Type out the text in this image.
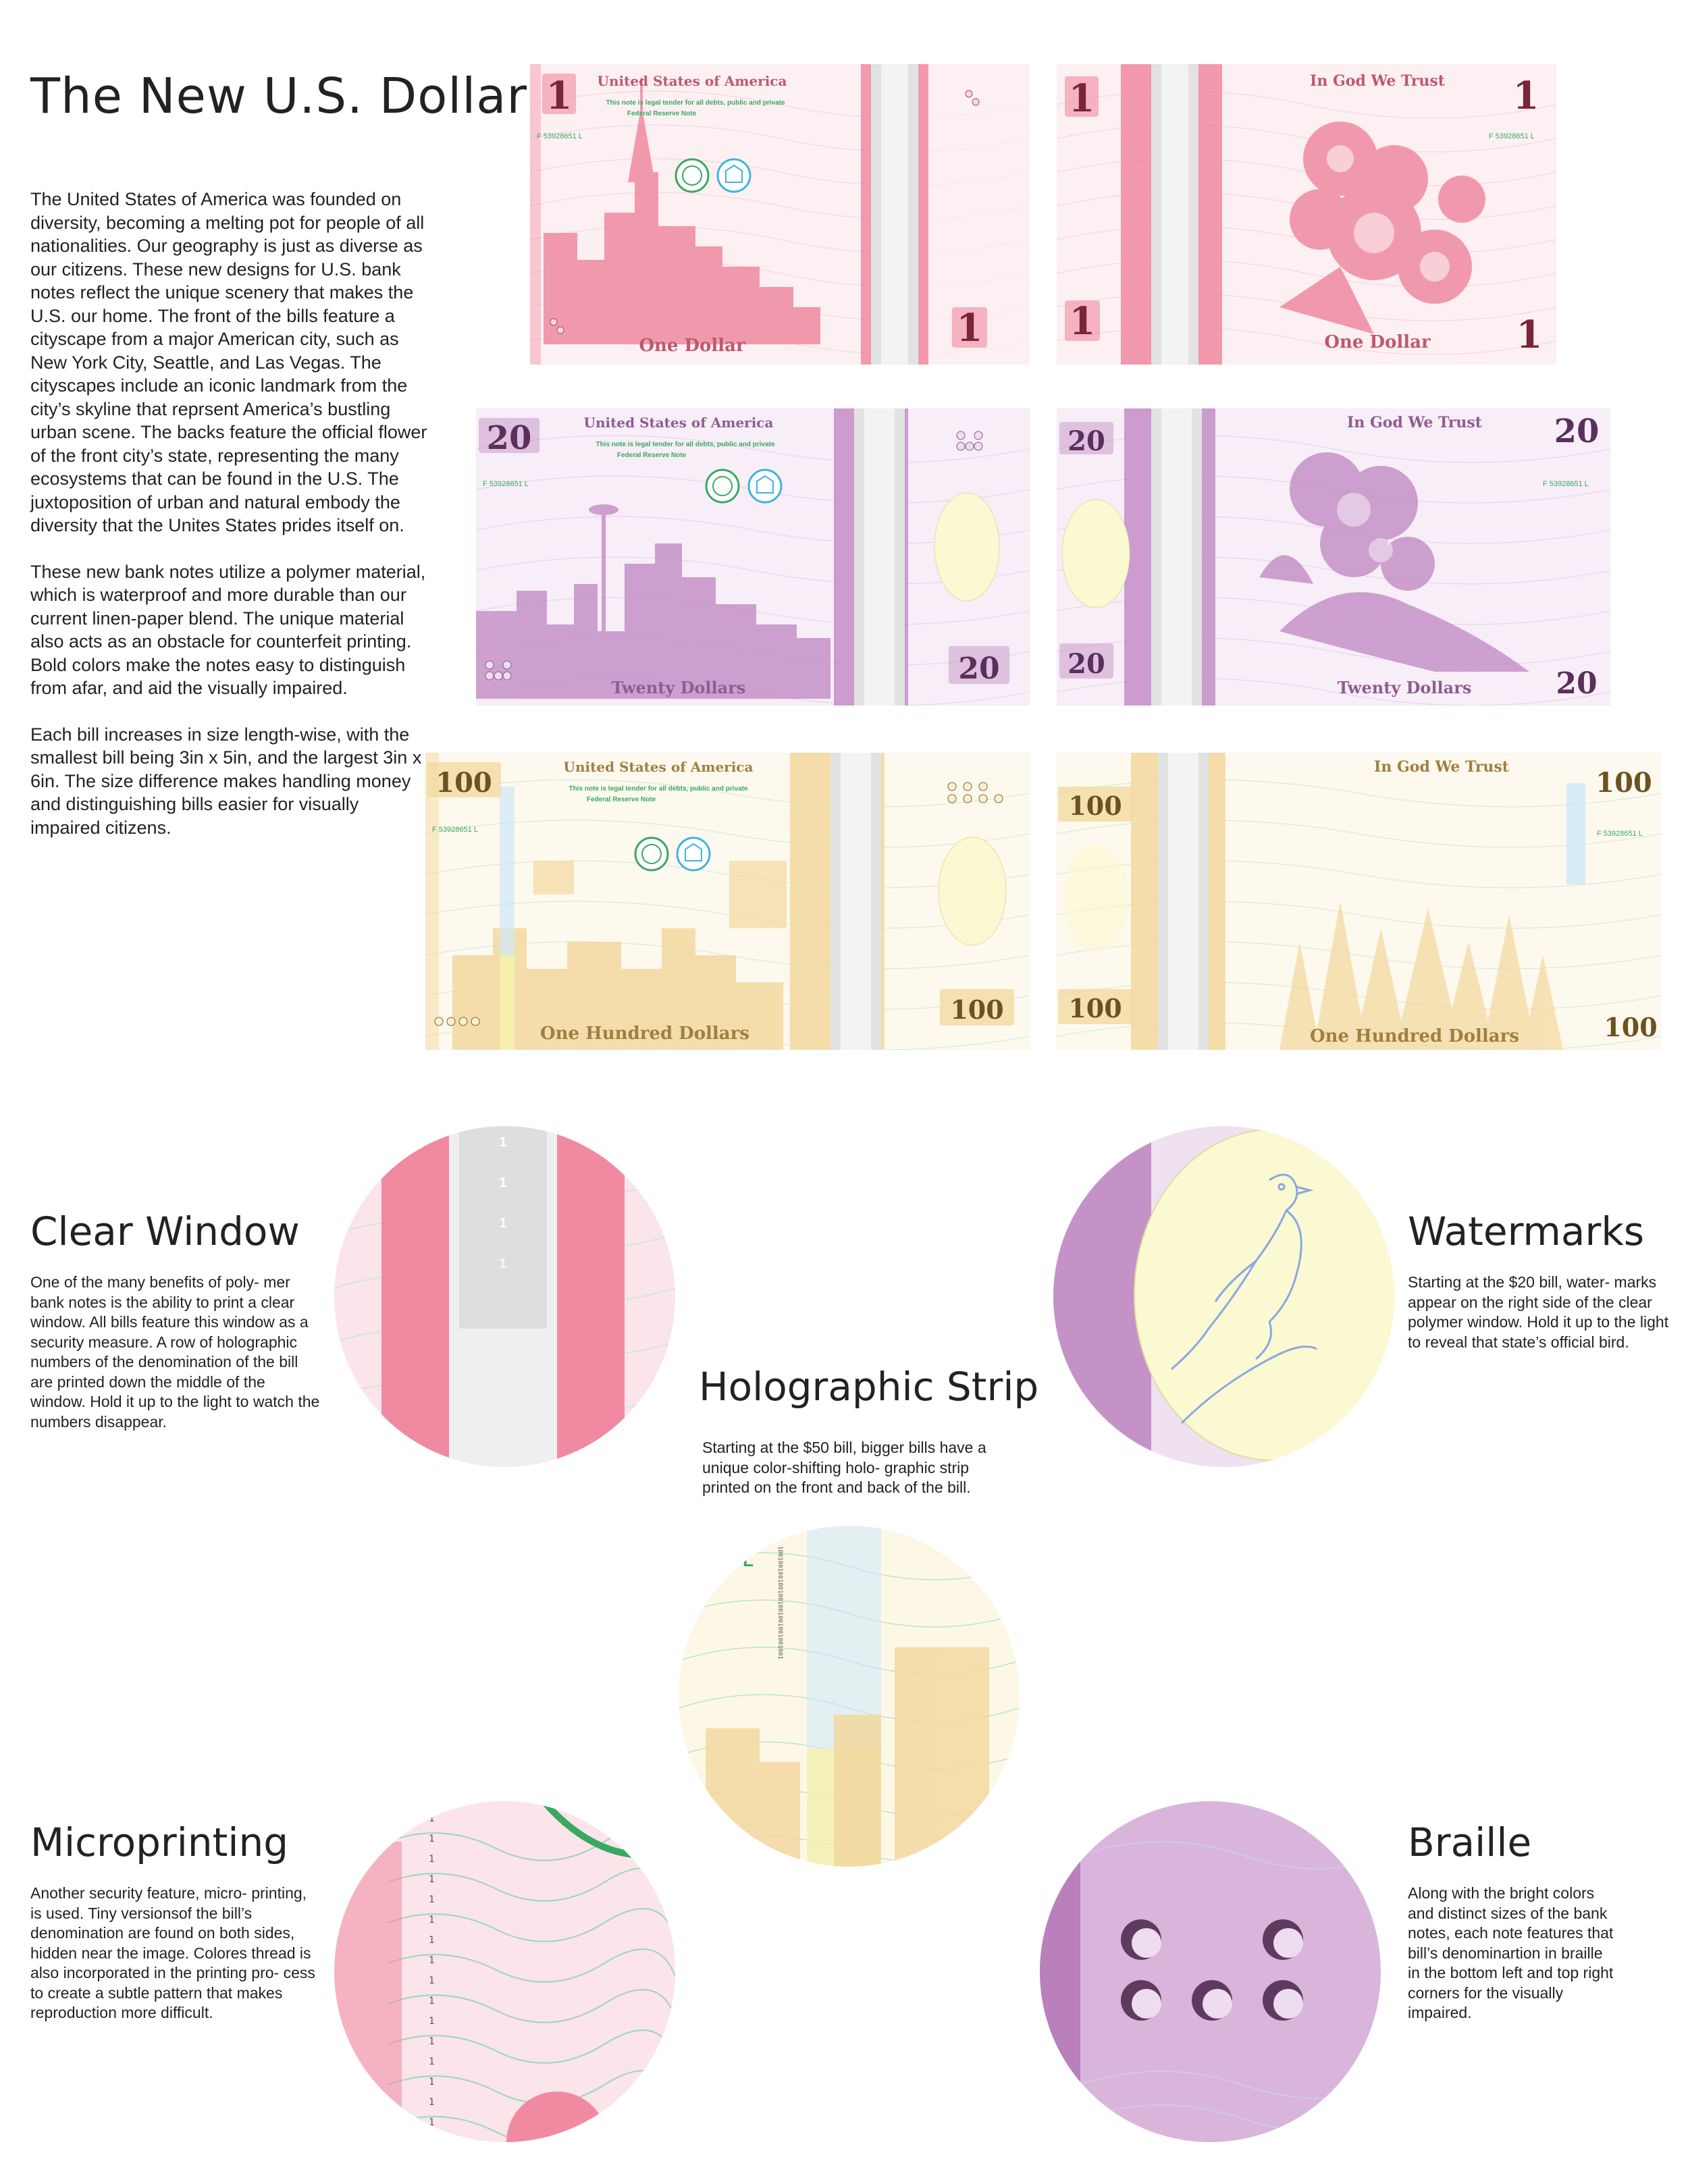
The New U.S. Dollar

The United States of America was founded on diversity, becoming a melting pot for people of all nationalities. Our geography is just as diverse as our citizens. These new designs for U.S. bank notes reflect the unique scenery that makes the U.S. our home. The front of the bills feature a cityscape from a major American city, such as New York City, Seattle, and Las Vegas. The cityscapes include an iconic landmark from the city’s skyline that reprsent America’s bustling urban scene. The backs feature the official flower of the front city’s state, representing the many ecosystems that can be found in the U.S. The juxtoposition of urban and natural embody the diversity that the Unites States prides itself on.

These new bank notes utilize a polymer material, which is waterproof and more durable than our current linen-paper blend. The unique material also acts as an obstacle for counterfeit printing. Bold colors make the notes easy to distinguish from afar, and aid the visually impaired.

Each bill increases in size length-wise, with the smallest bill being 3in x 5in, and the largest 3in x 6in. The size difference makes handling money and distinguishing bills easier for visually impaired citizens.

1 United States of America
This note is legal tender for all debts, public and private
Federal Reserve Note
F 53928651 L
One Dollar	1
1	In God We Trust 1
F 53928651 L
1	One Dollar 1
20	United States of America
This note is legal tender for all debts, public and private
Federal Reserve Note
F 53928651 L
Twenty Dollars
20
20
In God We Trust 20
F 53928651 L
20
Twenty Dollars	20
100	United States of America
This note is legal tender for all debts, public and private
Federal Reserve Note
F 53928651 L
One Hundred Dollars
100
100
In God We Trust	100
F 53928651 L
100
One Hundred Dollars	100
Clear Window
One of the many benefits of poly- mer bank notes is the ability to print a clear window. All bills feature this window as a security measure. A row of holographic numbers of the denomination of the bill are printed down the middle of the window. Hold it up to the light to watch the numbers disappear.
1
1
1
1
Watermarks
Starting at the $20 bill, water- marks appear on the right side of the clear polymer window. Hold it up to the light to reveal that state’s official bird.
Holographic Strip
Starting at the $50 bill, bigger bills have a unique color-shifting holo- graphic strip printed on the front and back of the bill.
3651 L	1001001001001001001001001001001
Microprinting
Another security feature, micro- printing, is used. Tiny versionsof the bill’s denomination are found on both sides, hidden near the image. Colores thread is also incorporated in the printing pro- cess to create a subtle pattern that makes reproduction more difficult.
1
1
1
1
1
1
1
1
1
1
1
1
1
1
1
1
Braille
Along with the bright colors and distinct sizes of the bank notes, each note features that bill’s denominartion in braille in the bottom left and top right corners for the visually impaired.
